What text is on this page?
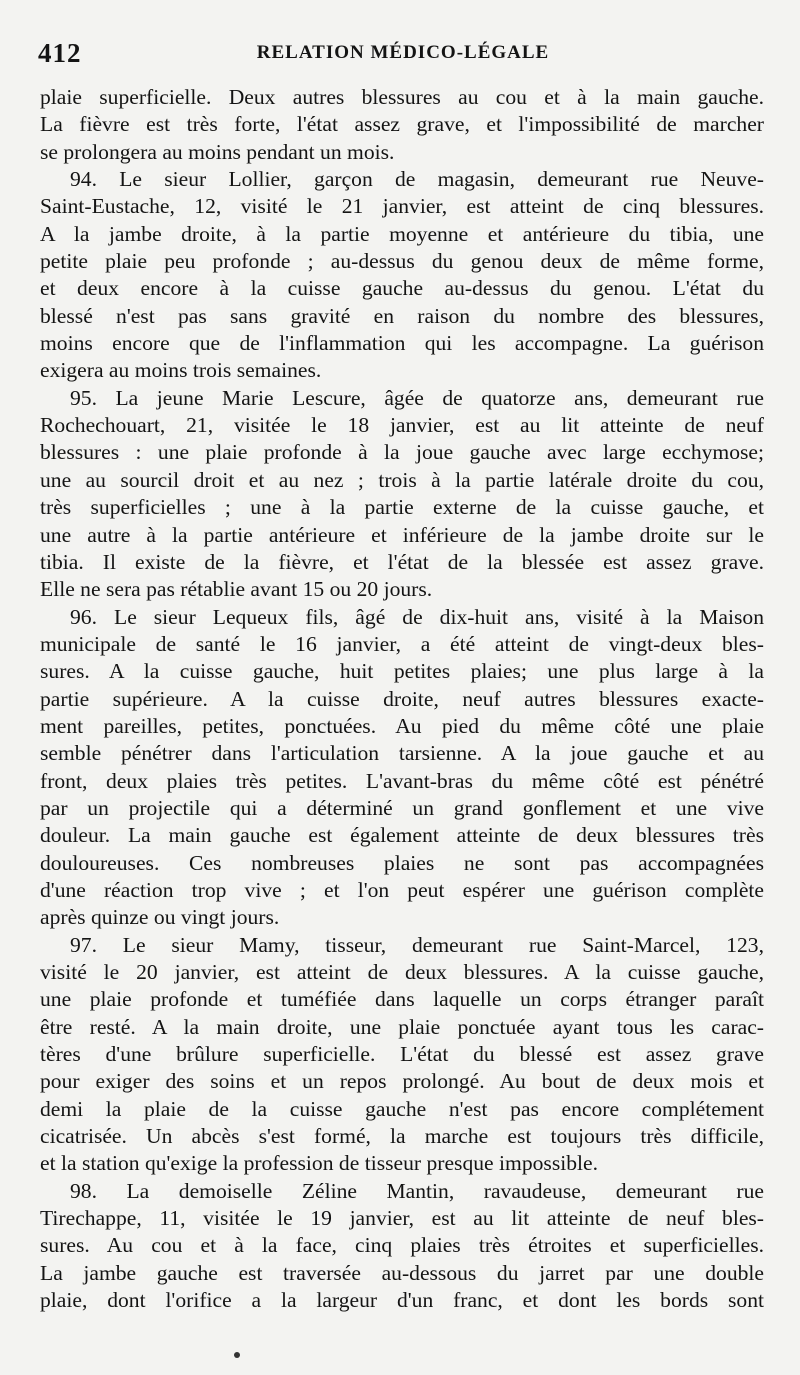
412	RELATION MÉDICO-LÉGALE
plaie superficielle. Deux autres blessures au cou et à la main gauche.
La fièvre est très forte, l'état assez grave, et l'impossibilité de marcher
se prolongera au moins pendant un mois.
94. Le sieur Lollier, garçon de magasin, demeurant rue Neuve-
Saint-Eustache, 12, visité le 21 janvier, est atteint de cinq blessures.
A la jambe droite, à la partie moyenne et antérieure du tibia, une
petite plaie peu profonde ; au-dessus du genou deux de même forme,
et deux encore à la cuisse gauche au-dessus du genou. L'état du
blessé n'est pas sans gravité en raison du nombre des blessures,
moins encore que de l'inflammation qui les accompagne. La guérison
exigera au moins trois semaines.
95. La jeune Marie Lescure, âgée de quatorze ans, demeurant rue
Rochechouart, 21, visitée le 18 janvier, est au lit atteinte de neuf
blessures : une plaie profonde à la joue gauche avec large ecchymose;
une au sourcil droit et au nez ; trois à la partie latérale droite du cou,
très superficielles ; une à la partie externe de la cuisse gauche, et
une autre à la partie antérieure et inférieure de la jambe droite sur le
tibia. Il existe de la fièvre, et l'état de la blessée est assez grave.
Elle ne sera pas rétablie avant 15 ou 20 jours.
96. Le sieur Lequeux fils, âgé de dix-huit ans, visité à la Maison
municipale de santé le 16 janvier, a été atteint de vingt-deux bles-
sures. A la cuisse gauche, huit petites plaies; une plus large à la
partie supérieure. A la cuisse droite, neuf autres blessures exacte-
ment pareilles, petites, ponctuées. Au pied du même côté une plaie
semble pénétrer dans l'articulation tarsienne. A la joue gauche et au
front, deux plaies très petites. L'avant-bras du même côté est pénétré
par un projectile qui a déterminé un grand gonflement et une vive
douleur. La main gauche est également atteinte de deux blessures très
douloureuses. Ces nombreuses plaies ne sont pas accompagnées
d'une réaction trop vive ; et l'on peut espérer une guérison complète
après quinze ou vingt jours.
97. Le sieur Mamy, tisseur, demeurant rue Saint-Marcel, 123,
visité le 20 janvier, est atteint de deux blessures. A la cuisse gauche,
une plaie profonde et tuméfiée dans laquelle un corps étranger paraît
être resté. A la main droite, une plaie ponctuée ayant tous les carac-
tères d'une brûlure superficielle. L'état du blessé est assez grave
pour exiger des soins et un repos prolongé. Au bout de deux mois et
demi la plaie de la cuisse gauche n'est pas encore complétement
cicatrisée. Un abcès s'est formé, la marche est toujours très difficile,
et la station qu'exige la profession de tisseur presque impossible.
98. La demoiselle Zéline Mantin, ravaudeuse, demeurant rue
Tirechappe, 11, visitée le 19 janvier, est au lit atteinte de neuf bles-
sures. Au cou et à la face, cinq plaies très étroites et superficielles.
La jambe gauche est traversée au-dessous du jarret par une double
plaie, dont l'orifice a la largeur d'un franc, et dont les bords sont
